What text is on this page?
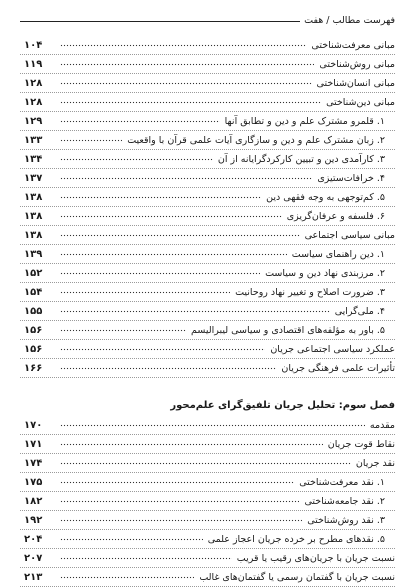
فهرست مطالب / هفت
مبانی معرفت‌شناختی
۱۰۴
مبانی روش‌شناختی
۱۱۹
مبانی انسان‌شناختی
۱۲۸
مبانی دین‌شناختی
۱۲۸
۱. قلمرو مشترک علم و دین و تطابق آنها
۱۲۹
۲. زبان مشترک علم و دین و سازگاری آیات علمی قرآن با واقعیت
۱۳۳
۳. کارآمدی دین و تبیین کارکردگرایانه از آن
۱۳۴
۴. خرافات‌ستیزی
۱۳۷
۵. کم‌توجهی به وجه فقهی دین
۱۳۸
۶. فلسفه و عرفان‌گریزی
۱۳۸
مبانی سیاسی اجتماعی
۱۳۸
۱. دین راهنمای سیاست
۱۳۹
۲. مرزبندی نهاد دین و سیاست
۱۵۲
۳. ضرورت اصلاح و تغییر نهاد روحانیت
۱۵۴
۴. ملی‌گرایی
۱۵۵
۵. باور به مؤلفه‌های اقتصادی و سیاسی لیبرالیسم
۱۵۶
عملکرد سیاسی اجتماعی جریان
۱۵۶
تأثیرات علمی فرهنگی جریان
۱۶۶
فصل سوم: تحلیل جریان تلفیق‌گرای علم‌محور
مقدمه
۱۷۰
نقاط قوت جریان
۱۷۱
نقد جریان
۱۷۴
۱. نقد معرفت‌شناختی
۱۷۵
۲. نقد جامعه‌شناختی
۱۸۲
۳. نقد روش‌شناختی
۱۹۲
۵. نقدهای مطرح بر خرده جریان اعجاز علمی
۲۰۴
نسبت جریان با جریان‌های رقیب یا قریب
۲۰۷
نسبت جریان با گفتمان رسمی یا گفتمان‌های غالب
۲۱۳
